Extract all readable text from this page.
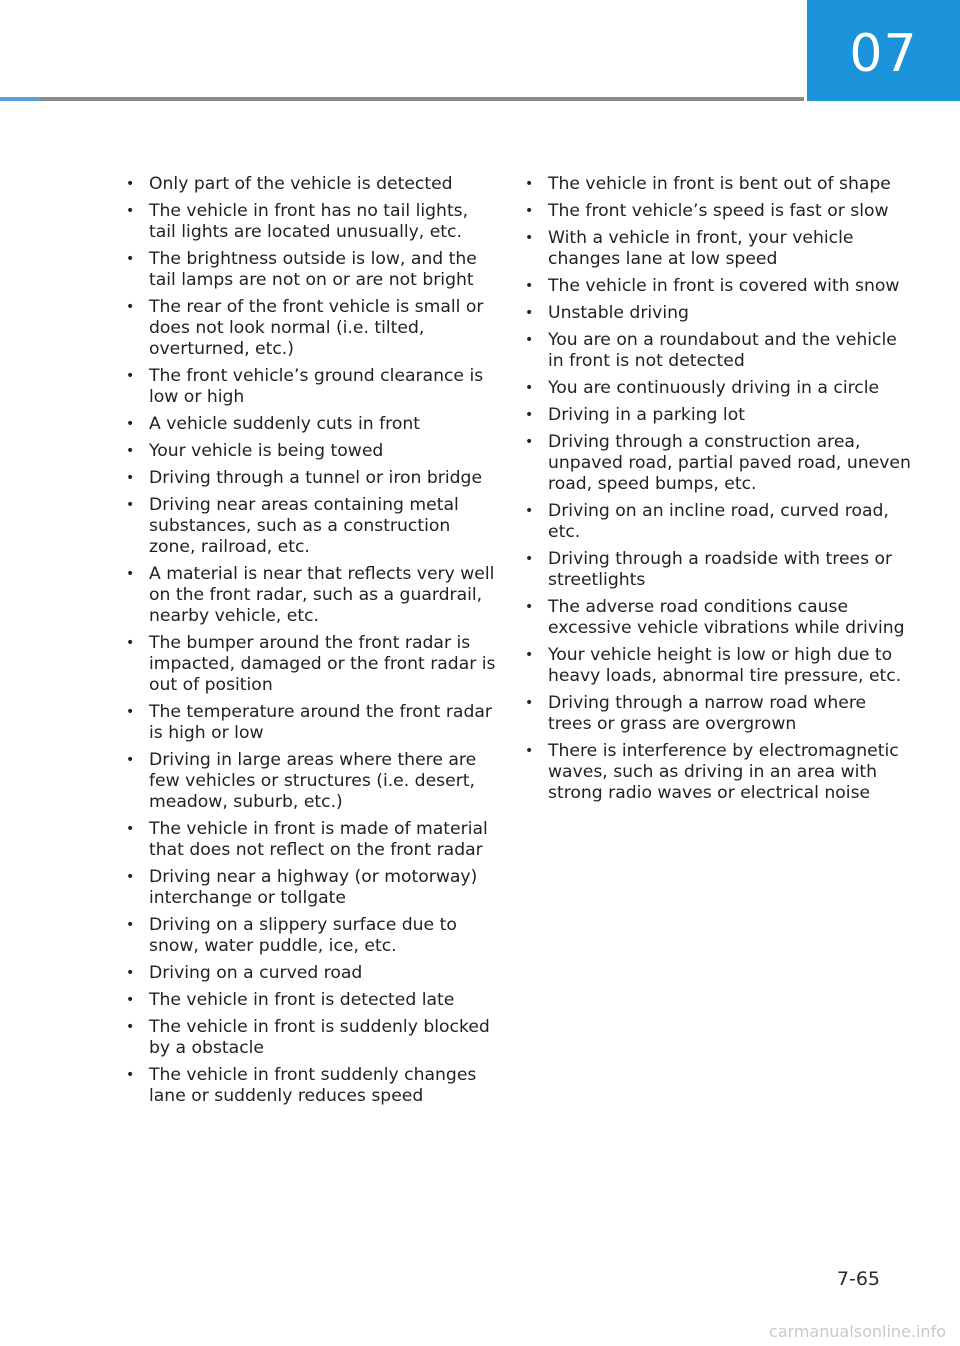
07
• Only part of the vehicle is detected
• The vehicle in front has no tail lights, tail lights are located unusually, etc.
• The brightness outside is low, and the tail lamps are not on or are not bright
• The rear of the front vehicle is small or does not look normal (i.e. tilted, overturned, etc.)
• The front vehicle’s ground clearance is low or high
• A vehicle suddenly cuts in front
• Your vehicle is being towed
• Driving through a tunnel or iron bridge
• Driving near areas containing metal substances, such as a construction zone, railroad, etc.
• A material is near that reflects very well on the front radar, such as a guardrail, nearby vehicle, etc.
• The bumper around the front radar is impacted, damaged or the front radar is out of position
• The temperature around the front radar is high or low
• Driving in large areas where there are few vehicles or structures (i.e. desert, meadow, suburb, etc.)
• The vehicle in front is made of material that does not reflect on the front radar
• Driving near a highway (or motorway) interchange or tollgate
• Driving on a slippery surface due to snow, water puddle, ice, etc.
• Driving on a curved road
• The vehicle in front is detected late
• The vehicle in front is suddenly blocked by a obstacle
• The vehicle in front suddenly changes lane or suddenly reduces speed
• The vehicle in front is bent out of shape
• The front vehicle’s speed is fast or slow
• With a vehicle in front, your vehicle changes lane at low speed
• The vehicle in front is covered with snow
• Unstable driving
• You are on a roundabout and the vehicle in front is not detected
• You are continuously driving in a circle
• Driving in a parking lot
• Driving through a construction area, unpaved road, partial paved road, uneven road, speed bumps, etc.
• Driving on an incline road, curved road, etc.
• Driving through a roadside with trees or streetlights
• The adverse road conditions cause excessive vehicle vibrations while driving
• Your vehicle height is low or high due to heavy loads, abnormal tire pressure, etc.
• Driving through a narrow road where trees or grass are overgrown
• There is interference by electromagnetic waves, such as driving in an area with strong radio waves or electrical noise
7-65
carmanualsonline.info
